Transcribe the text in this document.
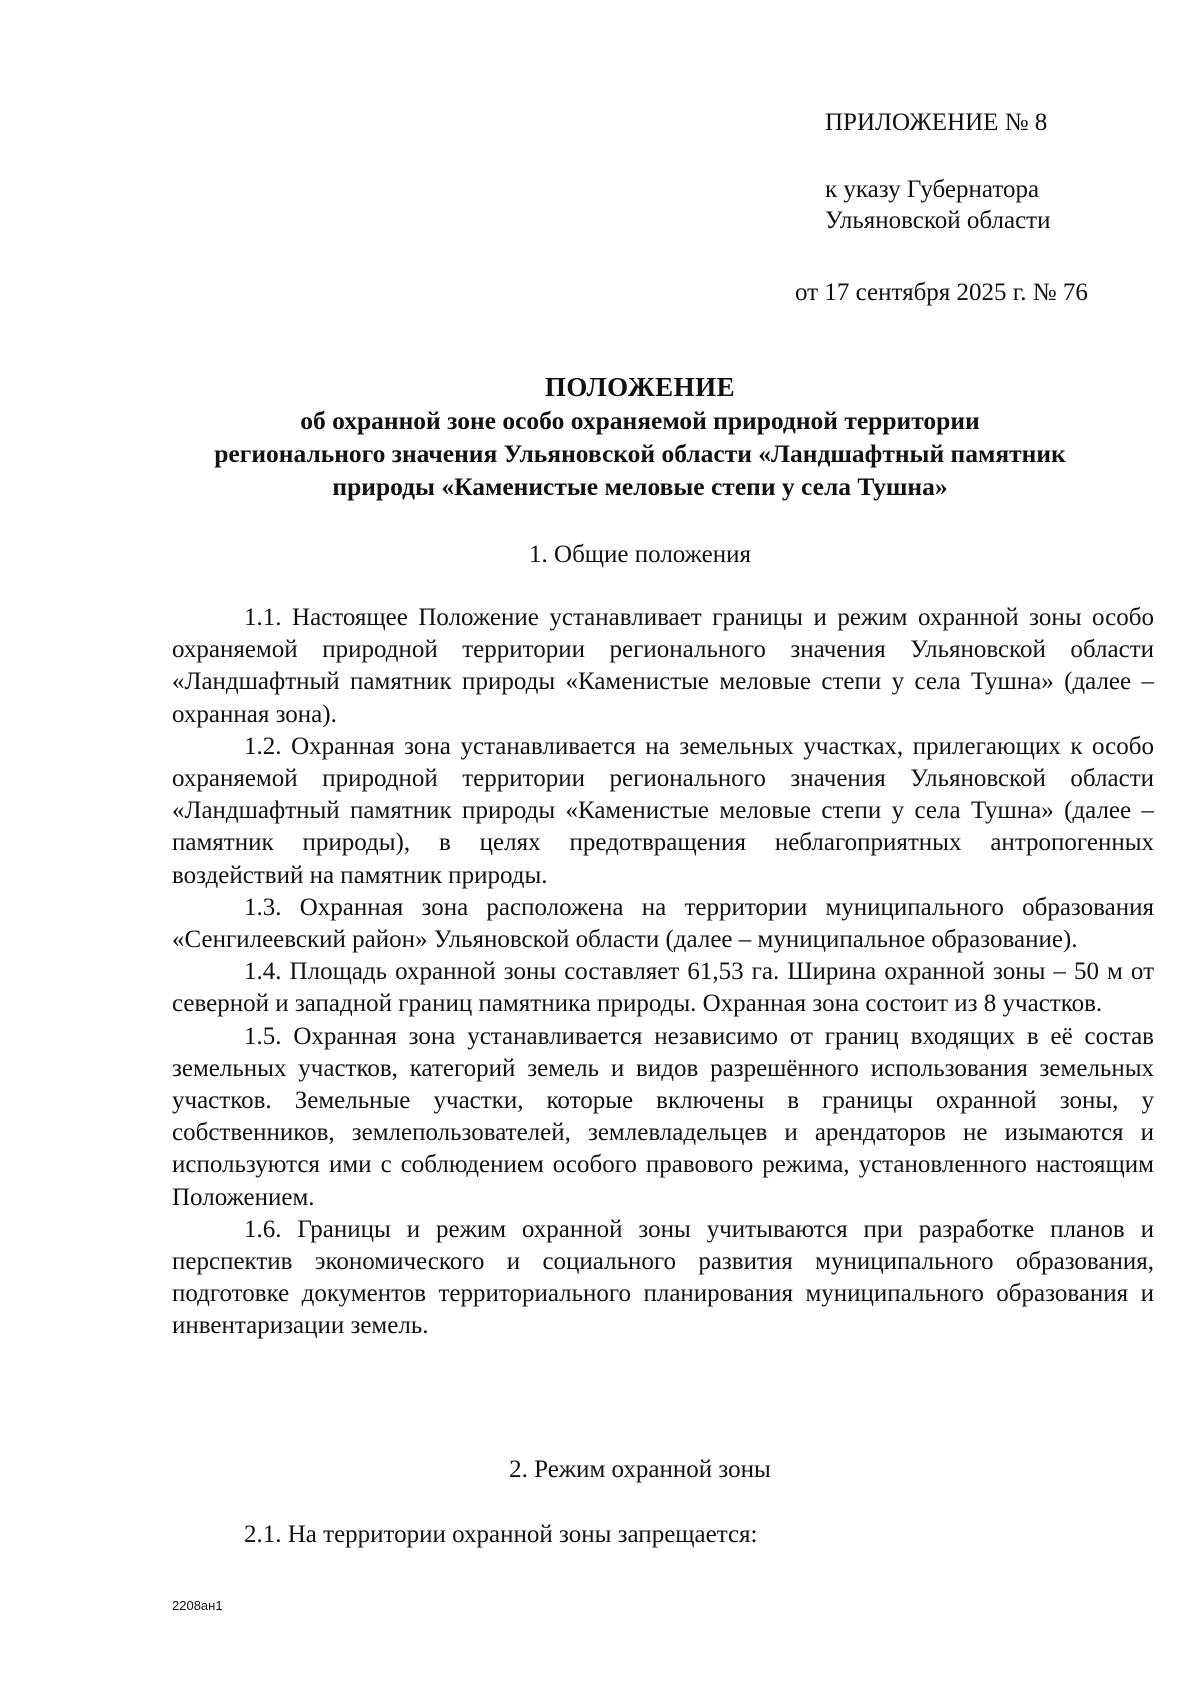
ПРИЛОЖЕНИЕ № 8
к указу Губернатора
Ульяновской области
от 17 сентября 2025 г. № 76
ПОЛОЖЕНИЕ
об охранной зоне особо охраняемой природной территории
регионального значения Ульяновской области «Ландшафтный памятник
природы «Каменистые меловые степи у села Тушна»
1. Общие положения

1.1. Настоящее Положение устанавливает границы и режим охранной зоны особо охраняемой природной территории регионального значения Ульяновской области «Ландшафтный памятник природы «Каменистые меловые степи у села Тушна» (далее – охранная зона).

1.2. Охранная зона устанавливается на земельных участках, прилегающих к особо охраняемой природной территории регионального значения Ульяновской области «Ландшафтный памятник природы «Каменистые меловые степи у села Тушна» (далее – памятник природы), в целях предотвращения неблагоприятных антропогенных воздействий на памятник природы.

1.3. Охранная зона расположена на территории муниципального образования «Сенгилеевский район» Ульяновской области (далее – муниципальное образование).

1.4. Площадь охранной зоны составляет 61,53 га. Ширина охранной зоны – 50 м от северной и западной границ памятника природы. Охранная зона состоит из 8 участков.

1.5. Охранная зона устанавливается независимо от границ входящих в её состав земельных участков, категорий земель и видов разрешённого использования земельных участков. Земельные участки, которые включены в границы охранной зоны, у собственников, землепользователей, землевладельцев и арендаторов не изымаются и используются ими с соблюдением особого правового режима, установленного настоящим Положением.

1.6. Границы и режим охранной зоны учитываются при разработке планов и перспектив экономического и социального развития муниципального образования, подготовке документов территориального планирования муниципального образования и инвентаризации земель.

2. Режим охранной зоны
2.1. На территории охранной зоны запрещается:
2208ан1
